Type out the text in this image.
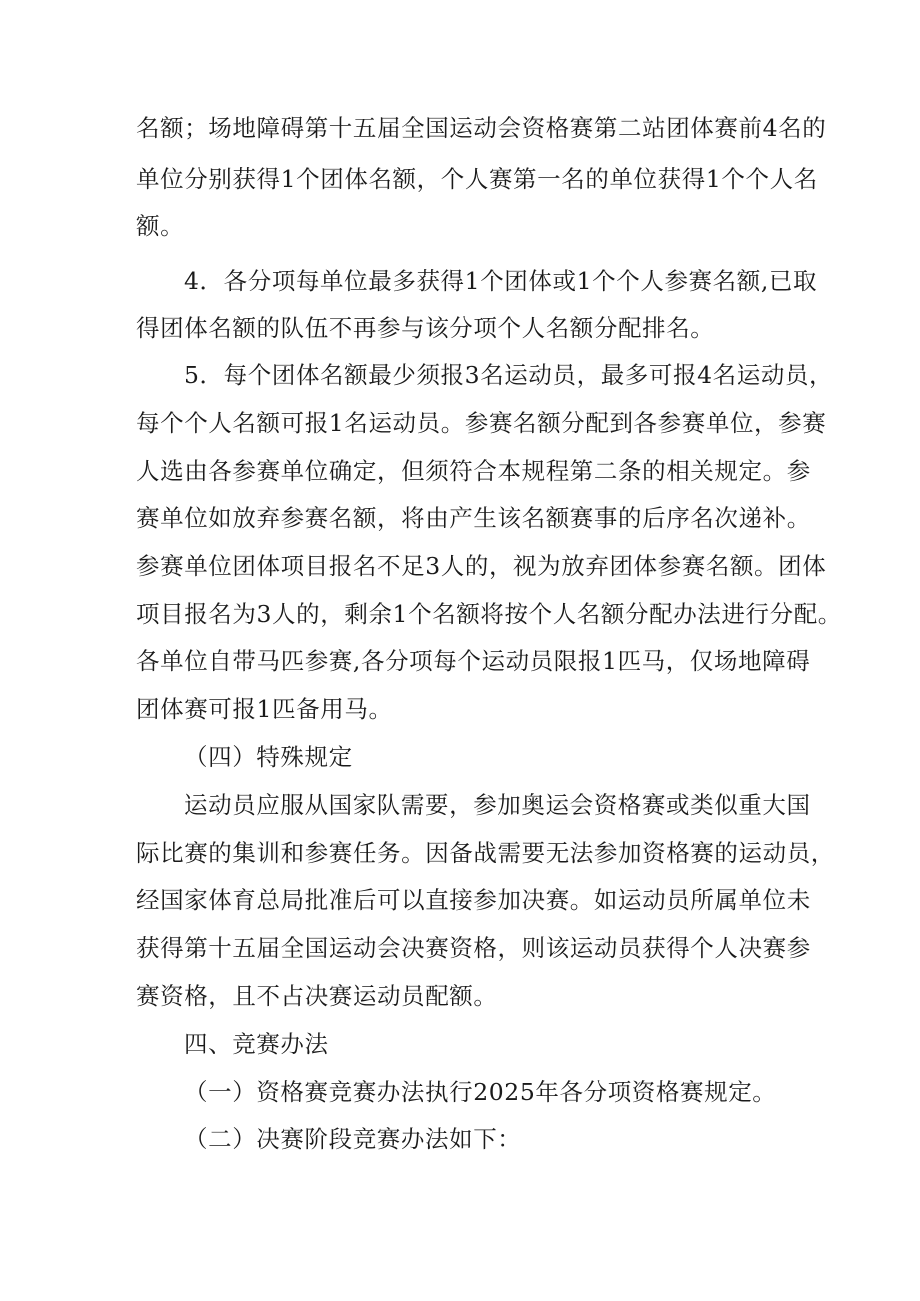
名额；场地障碍第十五届全国运动会资格赛第二站团体赛前4名的
单位分别获得1个团体名额，个人赛第一名的单位获得1个个人名
额。
4．各分项每单位最多获得1个团体或1个个人参赛名额,已取
得团体名额的队伍不再参与该分项个人名额分配排名。
5．每个团体名额最少须报3名运动员，最多可报4名运动员，
每个个人名额可报1名运动员。参赛名额分配到各参赛单位，参赛
人选由各参赛单位确定，但须符合本规程第二条的相关规定。参
赛单位如放弃参赛名额，将由产生该名额赛事的后序名次递补。
参赛单位团体项目报名不足3人的，视为放弃团体参赛名额。团体
项目报名为3人的，剩余1个名额将按个人名额分配办法进行分配。
各单位自带马匹参赛,各分项每个运动员限报1匹马，仅场地障碍
团体赛可报1匹备用马。
（四）特殊规定
运动员应服从国家队需要，参加奥运会资格赛或类似重大国
际比赛的集训和参赛任务。因备战需要无法参加资格赛的运动员，
经国家体育总局批准后可以直接参加决赛。如运动员所属单位未
获得第十五届全国运动会决赛资格，则该运动员获得个人决赛参
赛资格，且不占决赛运动员配额。
四、竞赛办法
（一）资格赛竞赛办法执行2025年各分项资格赛规定。
（二）决赛阶段竞赛办法如下：
